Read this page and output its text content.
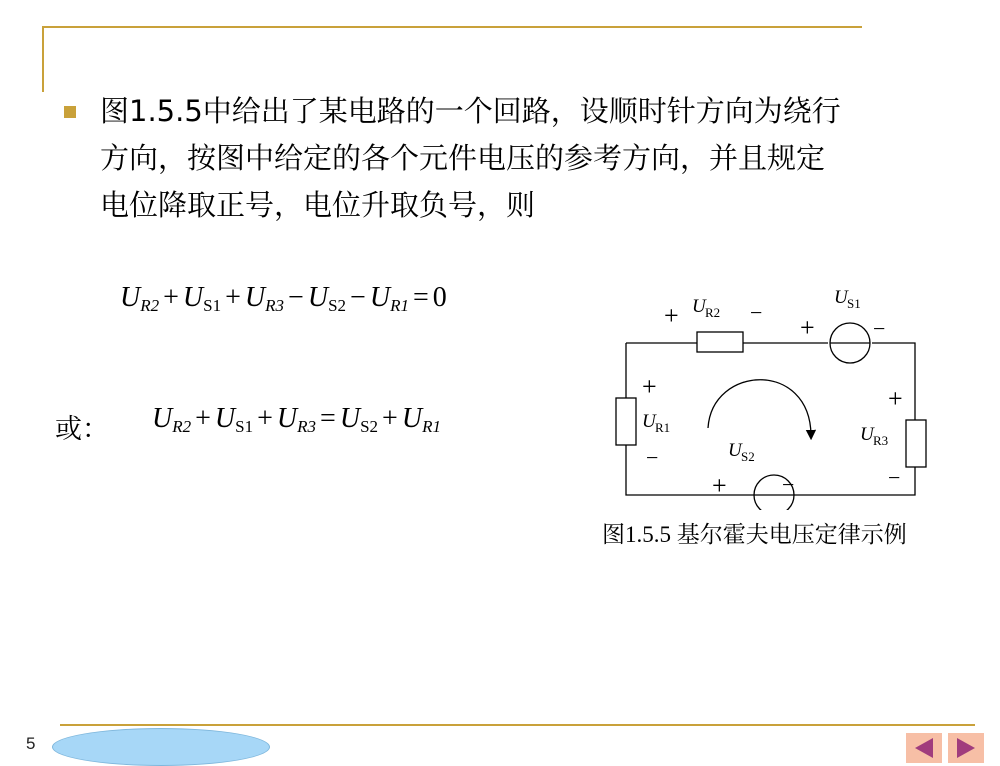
图1.5.5中给出了某电路的一个回路，设顺时针方向为绕行
方向，按图中给定的各个元件电压的参考方向，并且规定
电位降取正号，电位升取负号，则
$U_{R2} + U_{S1} + U_{R3} - U_{S2} - U_{R1} = 0$
或： $U_{R2} + U_{S1} + U_{R3} = U_{S2} + U_{R1}$
+ U R2 −
U S1
+	−
+
U R1
−
+
U R3
−
U S2
+	−
图1.5.5 基尔霍夫电压定律示例
5
